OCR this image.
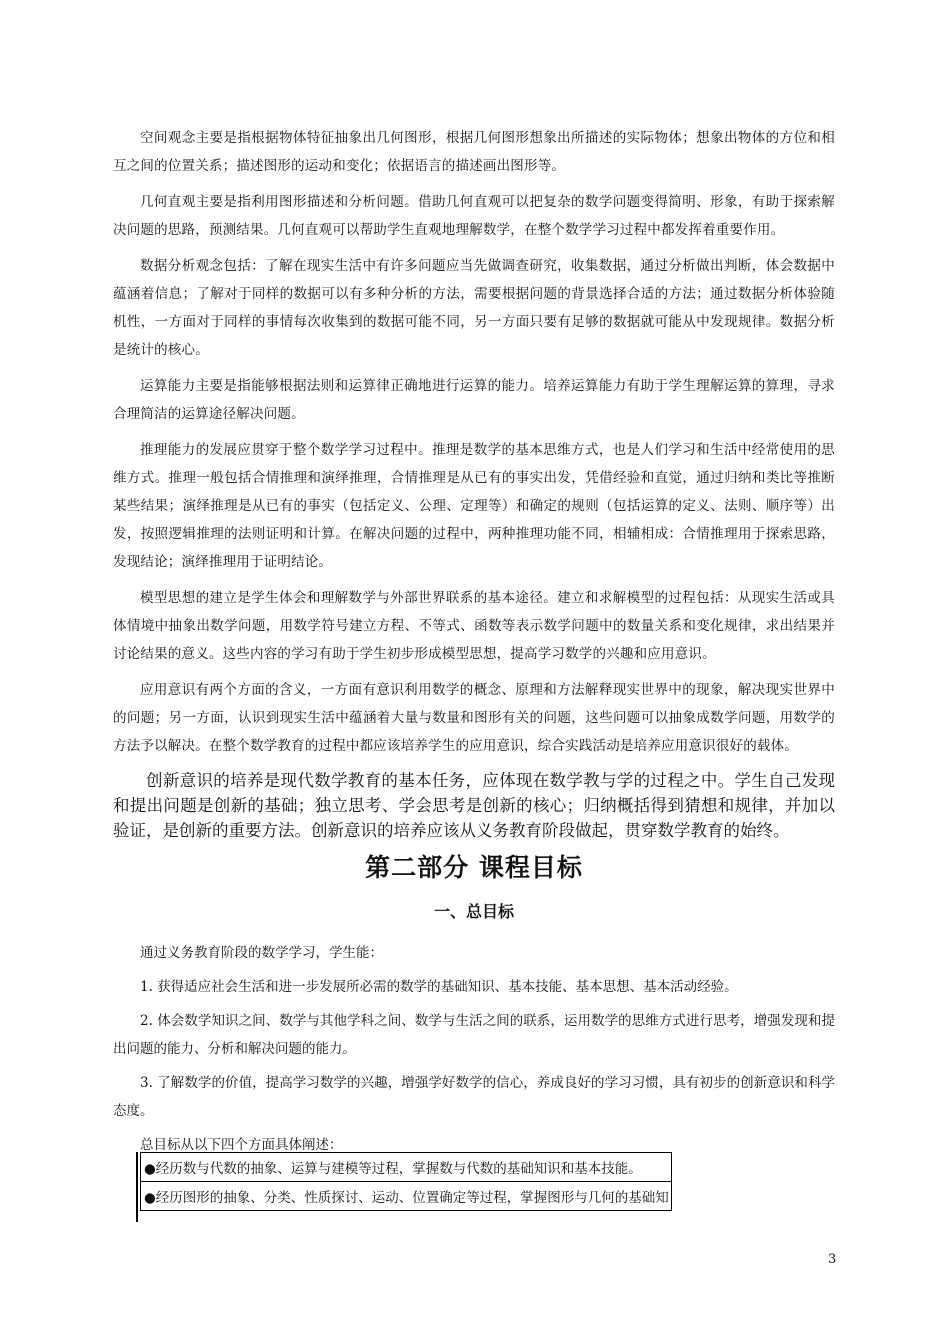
空间观念主要是指根据物体特征抽象出几何图形，根据几何图形想象出所描述的实际物体；想象出物体的方位和相互之间的位置关系；描述图形的运动和变化；依据语言的描述画出图形等。

几何直观主要是指利用图形描述和分析问题。借助几何直观可以把复杂的数学问题变得简明、形象，有助于探索解决问题的思路，预测结果。几何直观可以帮助学生直观地理解数学，在整个数学学习过程中都发挥着重要作用。

数据分析观念包括：了解在现实生活中有许多问题应当先做调查研究，收集数据，通过分析做出判断，体会数据中蕴涵着信息；了解对于同样的数据可以有多种分析的方法，需要根据问题的背景选择合适的方法；通过数据分析体验随机性，一方面对于同样的事情每次收集到的数据可能不同，另一方面只要有足够的数据就可能从中发现规律。数据分析是统计的核心。

运算能力主要是指能够根据法则和运算律正确地进行运算的能力。培养运算能力有助于学生理解运算的算理，寻求合理简洁的运算途径解决问题。

推理能力的发展应贯穿于整个数学学习过程中。推理是数学的基本思维方式，也是人们学习和生活中经常使用的思维方式。推理一般包括合情推理和演绎推理，合情推理是从已有的事实出发，凭借经验和直觉，通过归纳和类比等推断某些结果；演绎推理是从已有的事实（包括定义、公理、定理等）和确定的规则（包括运算的定义、法则、顺序等）出发，按照逻辑推理的法则证明和计算。在解决问题的过程中，两种推理功能不同，相辅相成：合情推理用于探索思路，发现结论；演绎推理用于证明结论。

模型思想的建立是学生体会和理解数学与外部世界联系的基本途径。建立和求解模型的过程包括：从现实生活或具体情境中抽象出数学问题，用数学符号建立方程、不等式、函数等表示数学问题中的数量关系和变化规律，求出结果并讨论结果的意义。这些内容的学习有助于学生初步形成模型思想，提高学习数学的兴趣和应用意识。

应用意识有两个方面的含义，一方面有意识利用数学的概念、原理和方法解释现实世界中的现象，解决现实世界中的问题；另一方面，认识到现实生活中蕴涵着大量与数量和图形有关的问题，这些问题可以抽象成数学问题，用数学的方法予以解决。在整个数学教育的过程中都应该培养学生的应用意识，综合实践活动是培养应用意识很好的载体。

创新意识的培养是现代数学教育的基本任务，应体现在数学教与学的过程之中。学生自己发现和提出问题是创新的基础；独立思考、学会思考是创新的核心；归纳概括得到猜想和规律，并加以验证，是创新的重要方法。创新意识的培养应该从义务教育阶段做起，贯穿数学教育的始终。

第二部分 课程目标
一、总目标

通过义务教育阶段的数学学习，学生能：

1. 获得适应社会生活和进一步发展所必需的数学的基础知识、基本技能、基本思想、基本活动经验。

2. 体会数学知识之间、数学与其他学科之间、数学与生活之间的联系，运用数学的思维方式进行思考，增强发现和提出问题的能力、分析和解决问题的能力。

3. 了解数学的价值，提高学习数学的兴趣，增强学好数学的信心，养成良好的学习习惯，具有初步的创新意识和科学态度。

总目标从以下四个方面具体阐述：

●经历数与代数的抽象、运算与建模等过程，掌握数与代数的基础知识和基本技能。
●经历图形的抽象、分类、性质探讨、运动、位置确定等过程，掌握图形与几何的基础知
3
